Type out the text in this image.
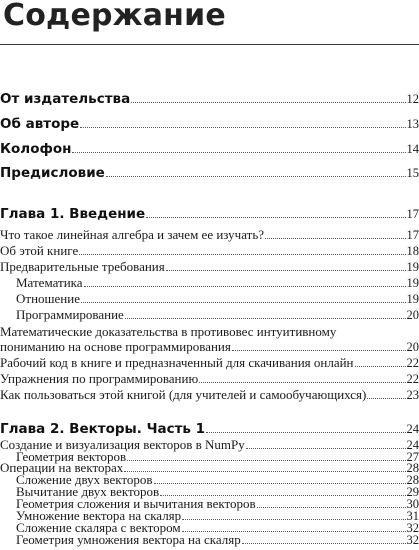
Содержание
От издательства	12
Об авторе	13
Колофон	14
Предисловие	15
Глава 1. Введение	17
Что такое линейная алгебра и зачем ее изучать?	17
Об этой книге	18
Предварительные требования	19
Математика	19
Отношение	19
Программирование	20
Математические доказательства в противовес интуитивному
пониманию на основе программирования	20
Рабочий код в книге и предназначенный для скачивания онлайн	22
Упражнения по программированию	22
Как пользоваться этой книгой (для учителей и самообучающихся)	23
Глава 2. Векторы. Часть 1	24
Создание и визуализация векторов в NumPy	24
Геометрия векторов	27
Операции на векторах	28
Сложение двух векторов	28
Вычитание двух векторов	29
Геометрия сложения и вычитания векторов	30
Умножение вектора на скаляр	31
Сложение скаляра с вектором	32
Геометрия умножения вектора на скаляр	32
